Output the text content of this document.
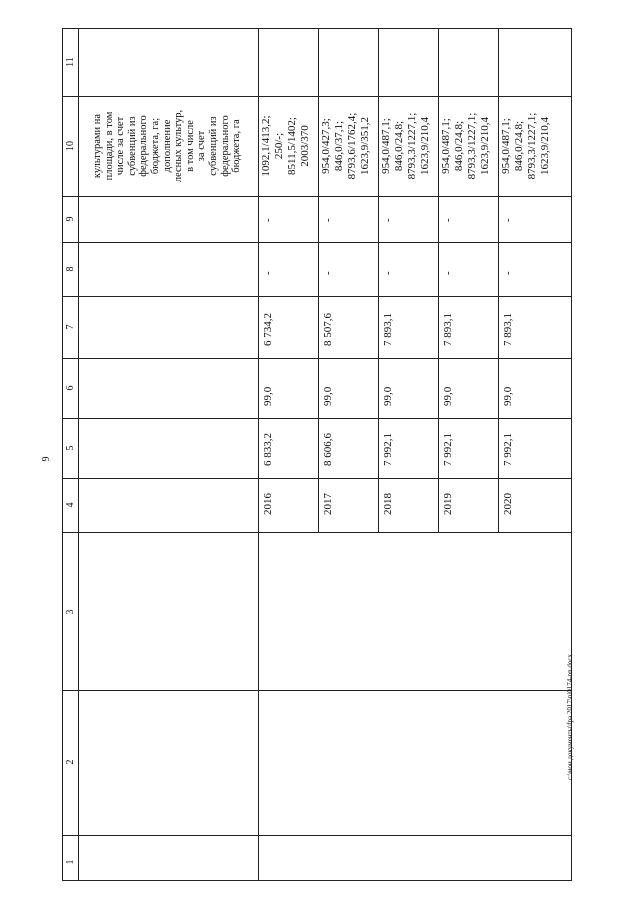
9
1
2
3
4
5
6
7
8
9
10
11
культурами на площади, в том числе за счет субвенций из федерального бюджета, га; дополнение лесных культур, в том числе за счет субвенций из федерального бюджета, га
2016
6 833,2
99,0
6 734,2
-
-
1092,1/413,2; 250/-; 8511,5/1402; 2003/370
2017
8 606,6
99,0
8 507,6
-
-
954,0/427,3; 846,0/37,1; 8793,6/1762,4; 1623,9/351,2
2018
7 992,1
99,0
7 893,1
-
-
954,0/487,1; 846,0/24,8; 8793,3/1227,1; 1623,9/210,4
2019
7 992,1
99,0
7 893,1
-
-
954,0/487,1; 846,0/24,8; 8793,3/1227,1; 1623,9/210,4
2020
7 992,1
99,0
7 893,1
-
-
954,0/487,1; 846,0/24,8; 8793,3/1227,1; 1623,9/210,4
c:\мои документы\fpa 2017\ni0174-nn.docx
